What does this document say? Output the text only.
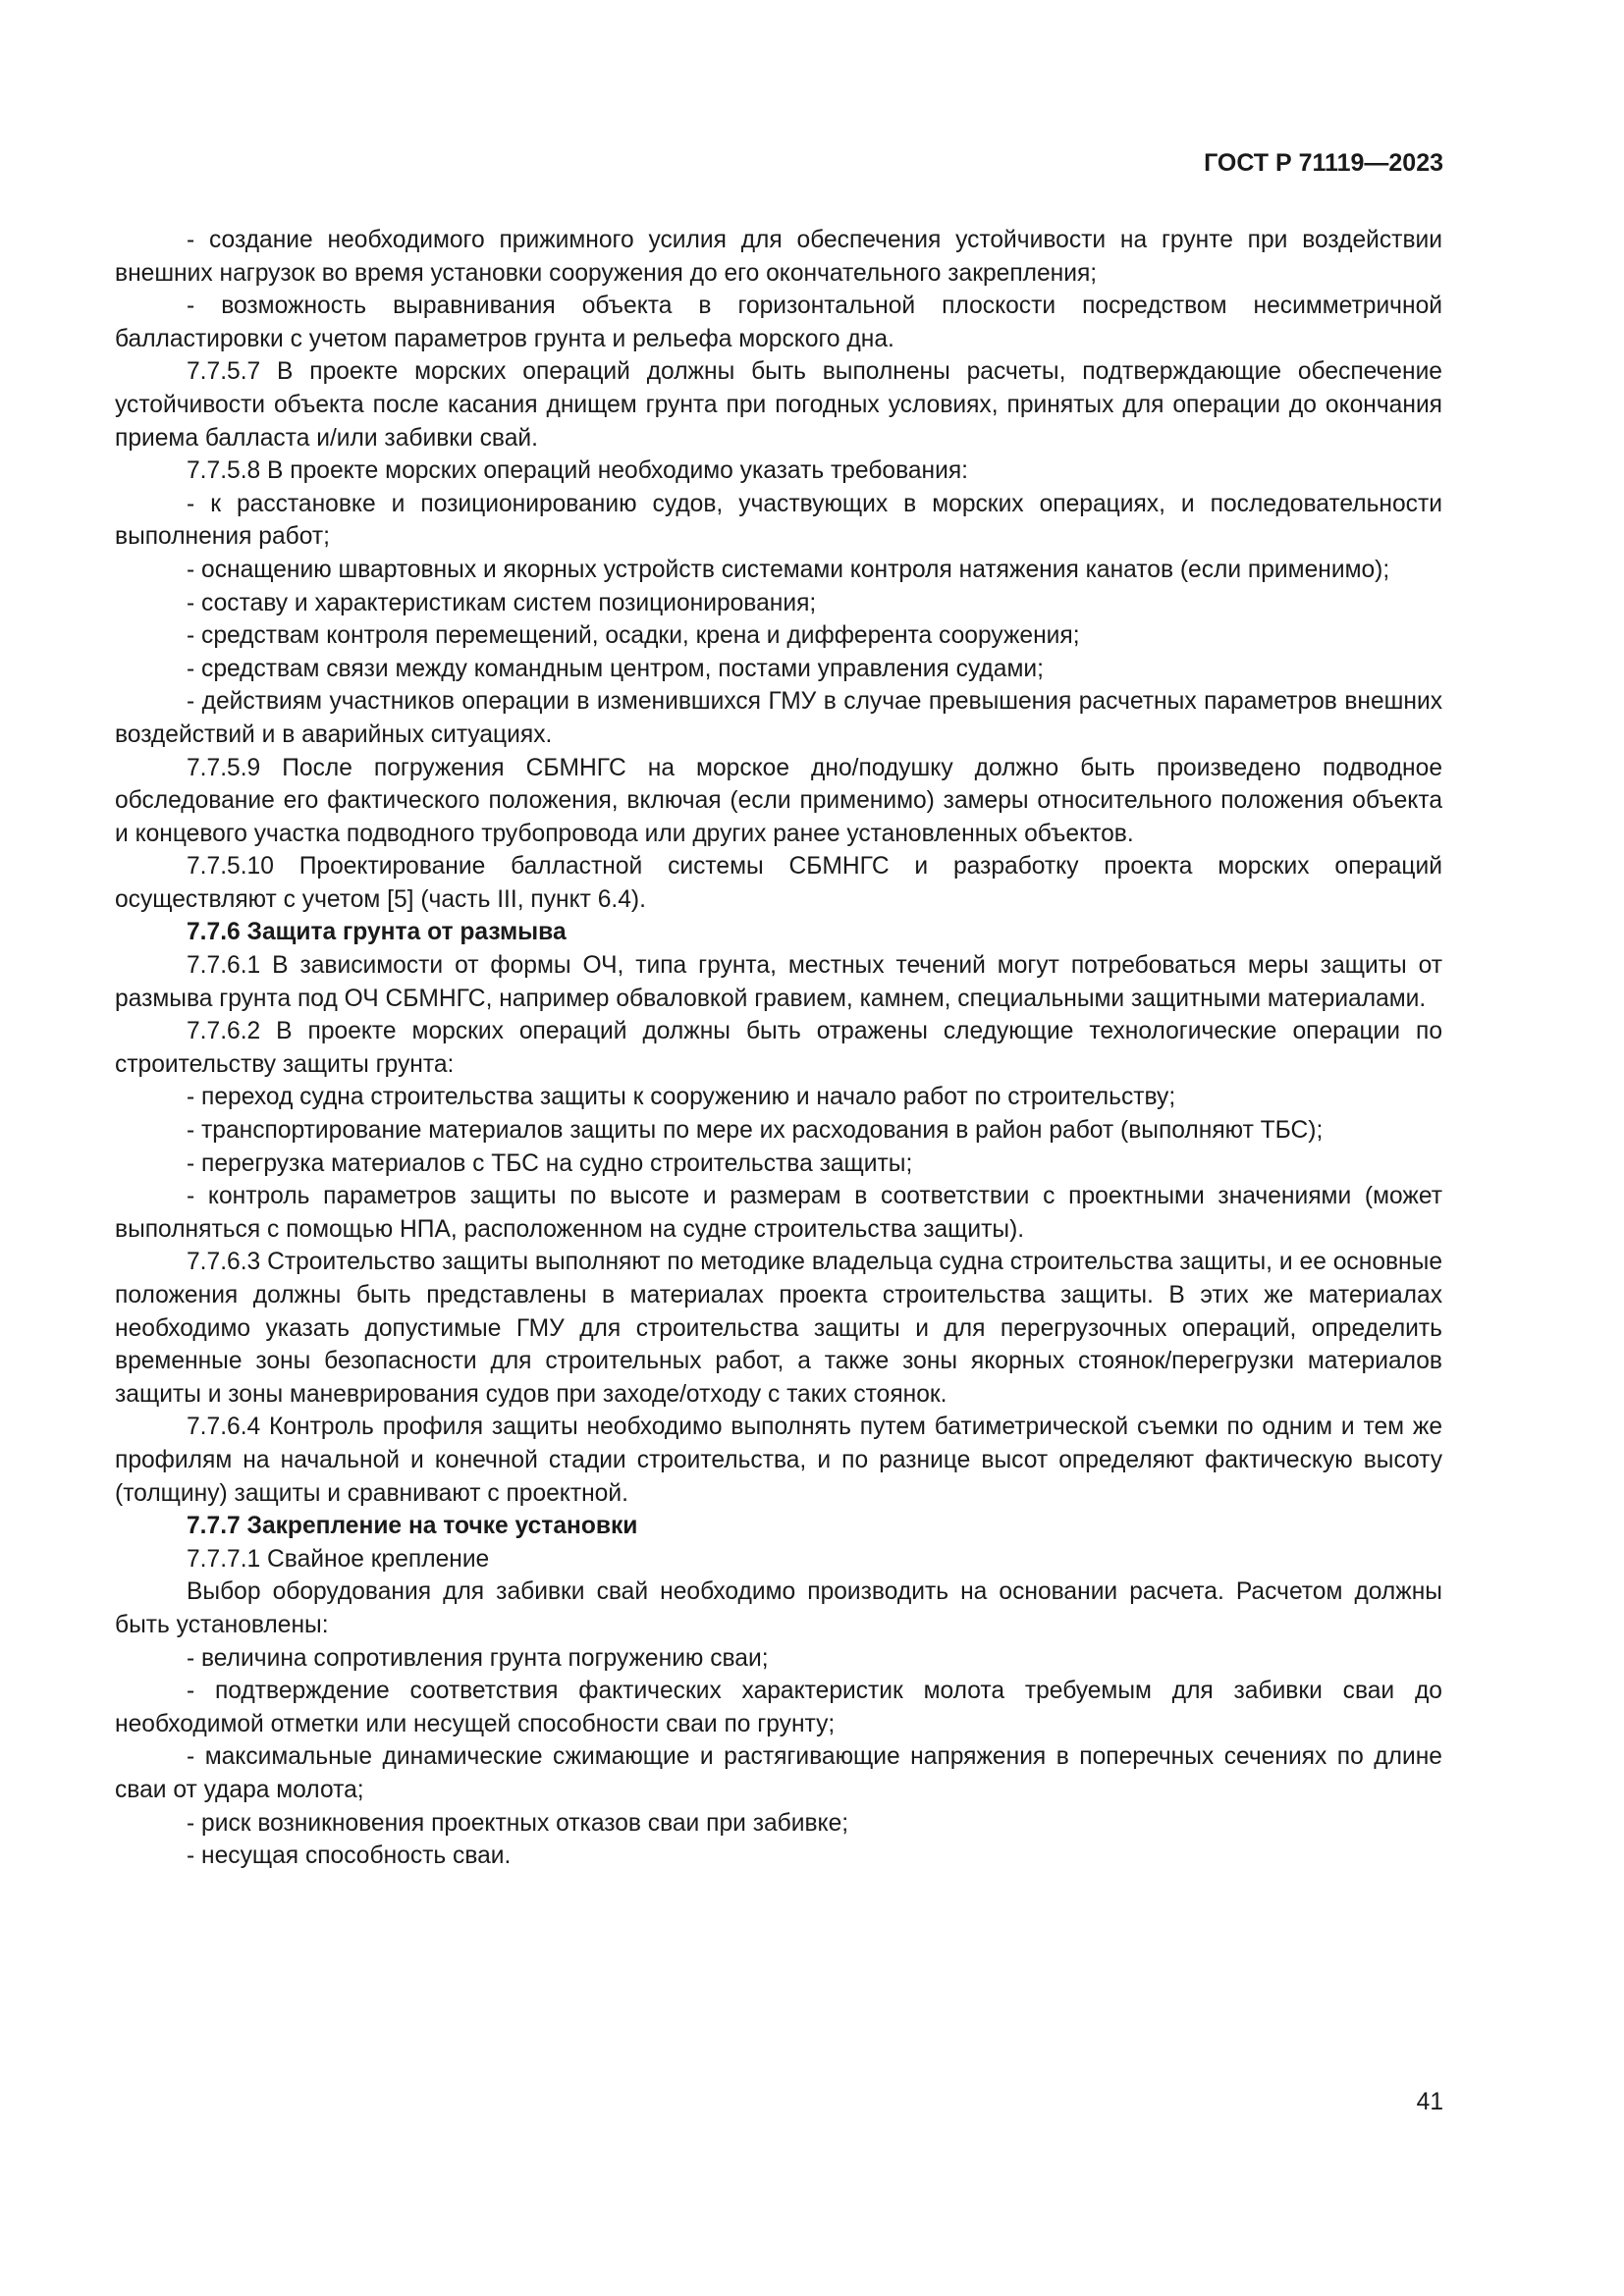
ГОСТ Р 71119—2023

- создание необходимого прижимного усилия для обеспечения устойчивости на грунте при воздействии внешних нагрузок во время установки сооружения до его окончательного закрепления;

- возможность выравнивания объекта в горизонтальной плоскости посредством несимметричной балластировки с учетом параметров грунта и рельефа морского дна.

7.7.5.7 В проекте морских операций должны быть выполнены расчеты, подтверждающие обеспечение устойчивости объекта после касания днищем грунта при погодных условиях, принятых для операции до окончания приема балласта и/или забивки свай.

7.7.5.8 В проекте морских операций необходимо указать требования:

- к расстановке и позиционированию судов, участвующих в морских операциях, и последовательности выполнения работ;

- оснащению швартовных и якорных устройств системами контроля натяжения канатов (если применимо);

- составу и характеристикам систем позиционирования;

- средствам контроля перемещений, осадки, крена и дифферента сооружения;

- средствам связи между командным центром, постами управления судами;

- действиям участников операции в изменившихся ГМУ в случае превышения расчетных параметров внешних воздействий и в аварийных ситуациях.

7.7.5.9 После погружения СБМНГС на морское дно/подушку должно быть произведено подводное обследование его фактического положения, включая (если применимо) замеры относительного положения объекта и концевого участка подводного трубопровода или других ранее установленных объектов.

7.7.5.10 Проектирование балластной системы СБМНГС и разработку проекта морских операций осуществляют с учетом [5] (часть III, пункт 6.4).

7.7.6 Защита грунта от размыва

7.7.6.1 В зависимости от формы ОЧ, типа грунта, местных течений могут потребоваться меры защиты от размыва грунта под ОЧ СБМНГС, например обваловкой гравием, камнем, специальными защитными материалами.

7.7.6.2 В проекте морских операций должны быть отражены следующие технологические операции по строительству защиты грунта:

- переход судна строительства защиты к сооружению и начало работ по строительству;

- транспортирование материалов защиты по мере их расходования в район работ (выполняют ТБС);

- перегрузка материалов с ТБС на судно строительства защиты;

- контроль параметров защиты по высоте и размерам в соответствии с проектными значениями (может выполняться с помощью НПА, расположенном на судне строительства защиты).

7.7.6.3 Строительство защиты выполняют по методике владельца судна строительства защиты, и ее основные положения должны быть представлены в материалах проекта строительства защиты. В этих же материалах необходимо указать допустимые ГМУ для строительства защиты и для перегрузочных операций, определить временные зоны безопасности для строительных работ, а также зоны якорных стоянок/перегрузки материалов защиты и зоны маневрирования судов при заходе/отходу с таких стоянок.

7.7.6.4 Контроль профиля защиты необходимо выполнять путем батиметрической съемки по одним и тем же профилям на начальной и конечной стадии строительства, и по разнице высот определяют фактическую высоту (толщину) защиты и сравнивают с проектной.

7.7.7 Закрепление на точке установки

7.7.7.1 Свайное крепление

Выбор оборудования для забивки свай необходимо производить на основании расчета. Расчетом должны быть установлены:

- величина сопротивления грунта погружению сваи;

- подтверждение соответствия фактических характеристик молота требуемым для забивки сваи до необходимой отметки или несущей способности сваи по грунту;

- максимальные динамические сжимающие и растягивающие напряжения в поперечных сечениях по длине сваи от удара молота;

- риск возникновения проектных отказов сваи при забивке;

- несущая способность сваи.

41
